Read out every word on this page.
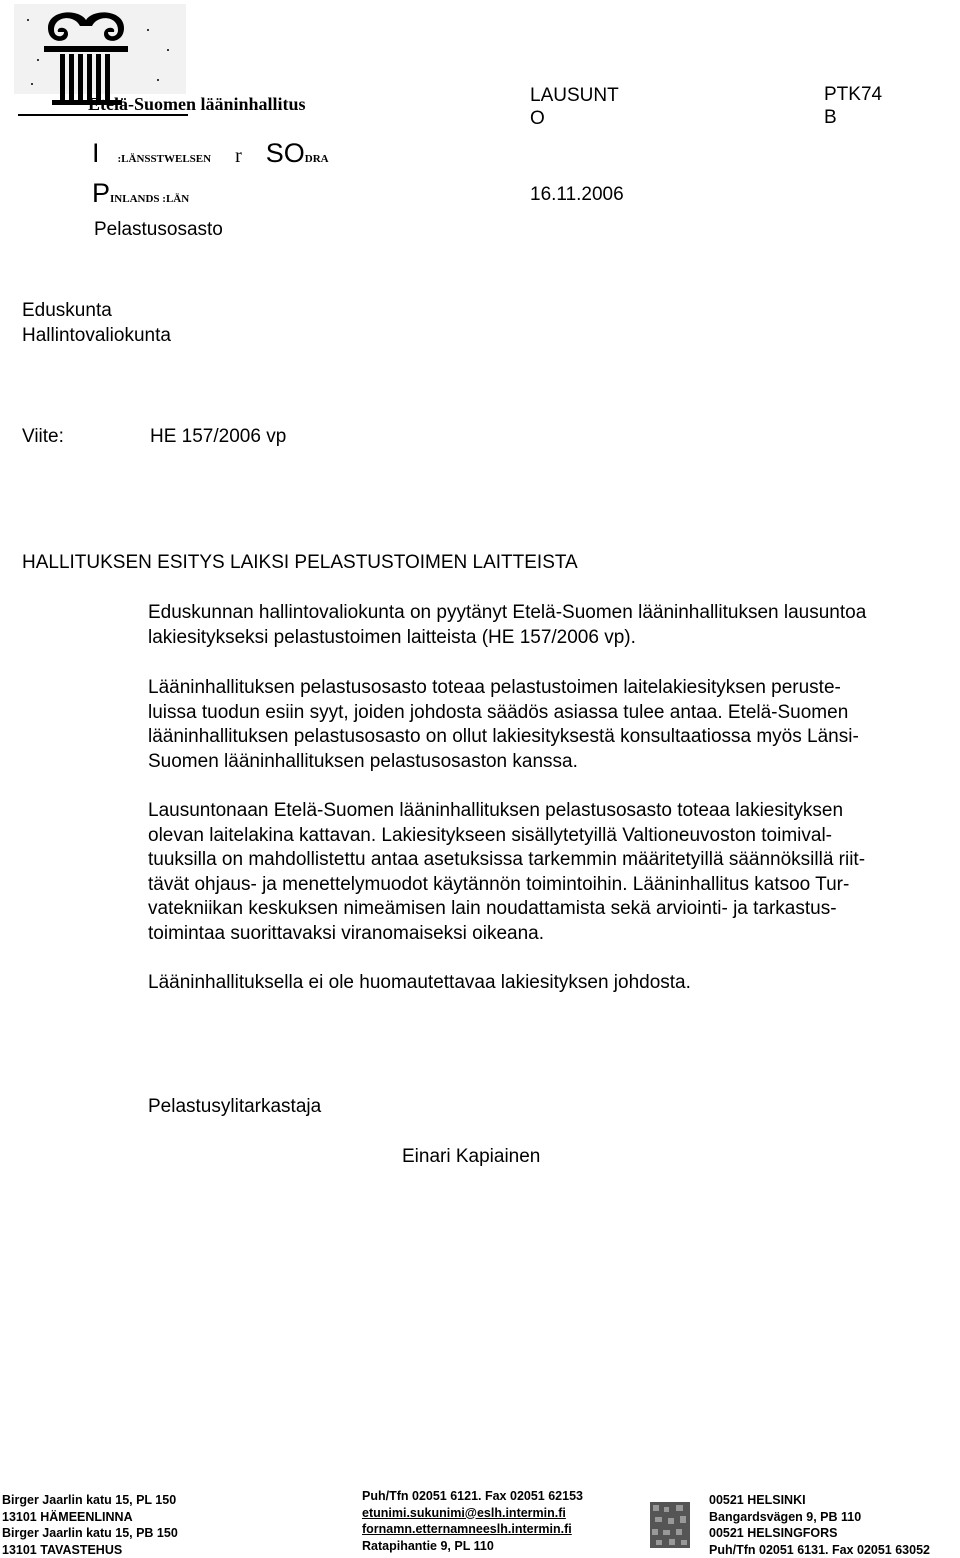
Etelä-Suomen lääninhallitus
I :LÄNSSTWELSEN r SODRA
PINLANDS :LÄN
Pelastusosasto
LAUSUNT
O
16.11.2006
PTK74
B
Eduskunta
Hallintovaliokunta
Viite:	HE 157/2006 vp
HALLITUKSEN ESITYS LAIKSI PELASTUSTOIMEN LAITTEISTA
Eduskunnan hallintovaliokunta on pyytänyt Etelä-Suomen lääninhallituksen lausuntoa
lakiesitykseksi pelastustoimen laitteista (HE 157/2006 vp).
Lääninhallituksen pelastusosasto toteaa pelastustoimen laitelakiesityksen peruste-
luissa tuodun esiin syyt, joiden johdosta säädös asiassa tulee antaa. Etelä-Suomen
lääninhallituksen pelastusosasto on ollut lakiesityksestä konsultaatiossa myös Länsi-
Suomen lääninhallituksen pelastusosaston kanssa.
Lausuntonaan Etelä-Suomen lääninhallituksen pelastusosasto toteaa lakiesityksen
olevan laitelakina kattavan. Lakiesitykseen sisällytetyillä Valtioneuvoston toimival-
tuuksilla on mahdollistettu antaa asetuksissa tarkemmin määritetyillä säännöksillä riit-
tävät ohjaus- ja menettelymuodot käytännön toimintoihin. Lääninhallitus katsoo Tur-
vatekniikan keskuksen nimeämisen lain noudattamista sekä arviointi- ja tarkastus-
toimintaa suorittavaksi viranomaiseksi oikeana.
Lääninhallituksella ei ole huomautettavaa lakiesityksen johdosta.
Pelastusylitarkastaja
Einari Kapiainen
Birger Jaarlin katu 15, PL 150
13101 HÄMEENLINNA
Birger Jaarlin katu 15, PB 150
13101 TAVASTEHUS
Puh/Tfn 02051 6121. Fax 02051 62153
etunimi.sukunimi@eslh.intermin.fi
fornamn.etternamneeslh.intermin.fi
Ratapihantie 9, PL 110
00521 HELSINKI
Bangardsvägen 9, PB 110
00521 HELSINGFORS
Puh/Tfn 02051 6131. Fax 02051 63052
